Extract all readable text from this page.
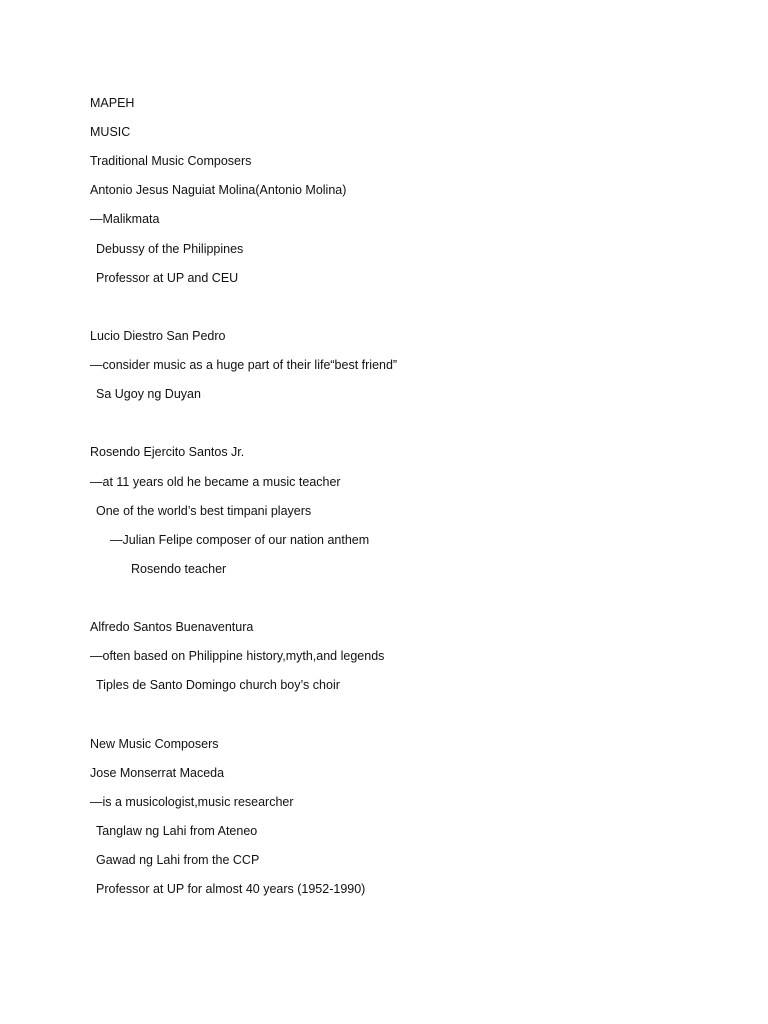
MAPEH
MUSIC
Traditional Music Composers
Antonio Jesus Naguiat Molina(Antonio Molina)
—Malikmata
Debussy of the Philippines
Professor at UP and CEU
Lucio Diestro San Pedro
—consider music as a huge part of their life“best friend”
Sa Ugoy ng Duyan
Rosendo Ejercito Santos Jr.
—at 11 years old he became a music teacher
One of the world’s best timpani players
—Julian Felipe composer of our nation anthem
Rosendo teacher
Alfredo Santos Buenaventura
—often based on Philippine history,myth,and legends
Tiples de Santo Domingo church boy’s choir
New Music Composers
Jose Monserrat Maceda
—is a musicologist,music researcher
Tanglaw ng Lahi from Ateneo
Gawad ng Lahi from the CCP
Professor at UP for almost 40 years (1952-1990)
